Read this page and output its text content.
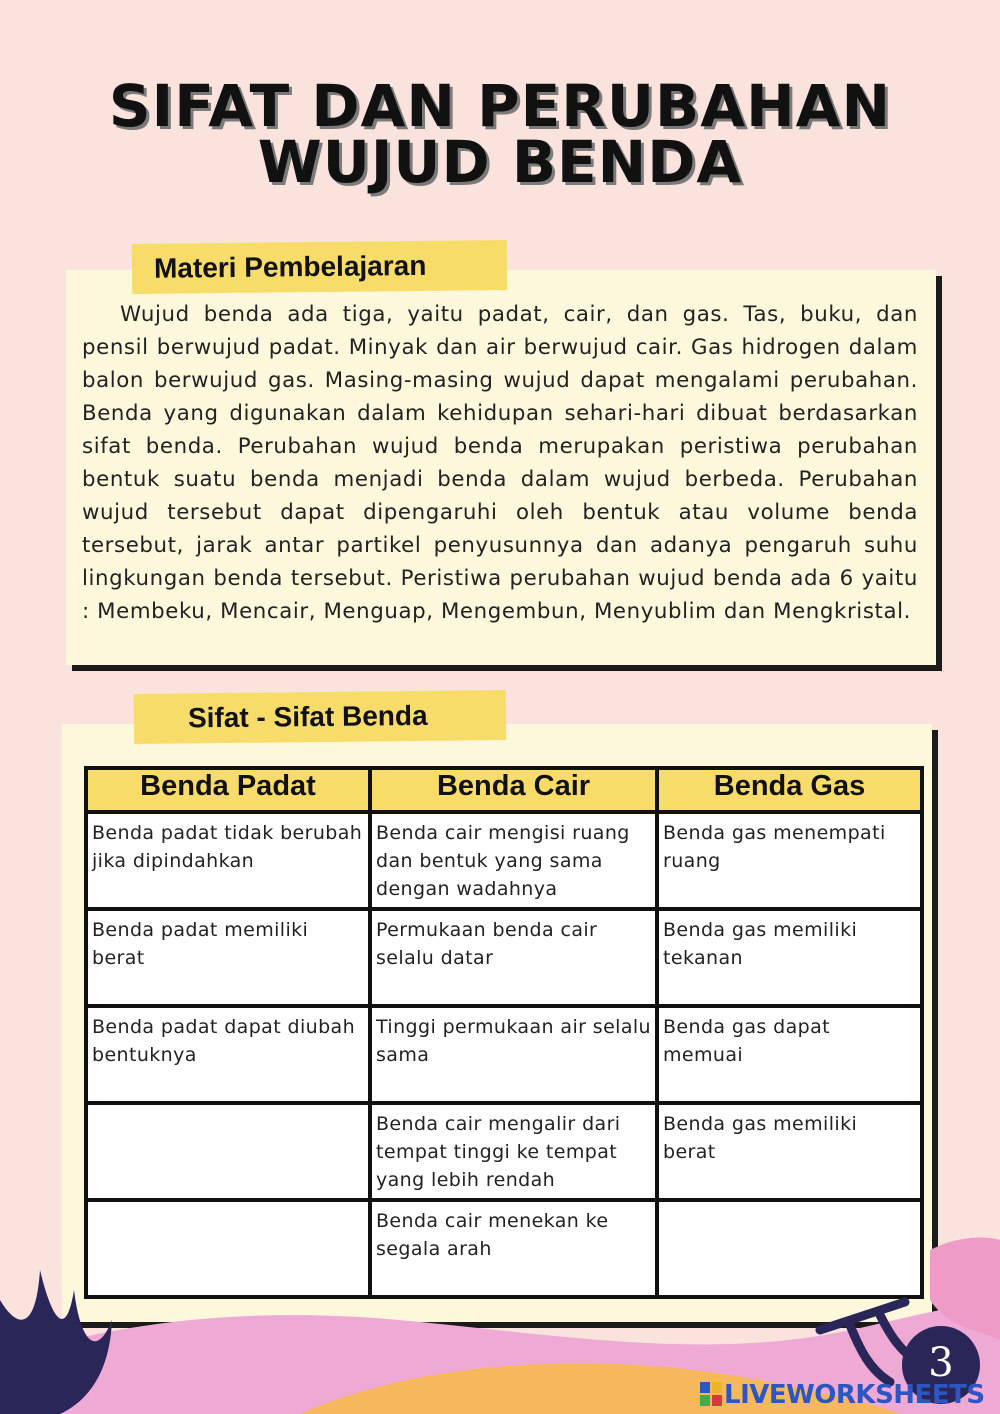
SIFAT DAN PERUBAHAN
WUJUD BENDA
Materi Pembelajaran

Wujud benda ada tiga, yaitu padat, cair, dan gas. Tas, buku, dan pensil berwujud padat. Minyak dan air berwujud cair. Gas hidrogen dalam balon berwujud gas. Masing-masing wujud dapat mengalami perubahan. Benda yang digunakan dalam kehidupan sehari-hari dibuat berdasarkan sifat benda. Perubahan wujud benda merupakan peristiwa perubahan bentuk suatu benda menjadi benda dalam wujud berbeda. Perubahan wujud tersebut dapat dipengaruhi oleh bentuk atau volume benda tersebut, jarak antar partikel penyusunnya dan adanya pengaruh suhu lingkungan benda tersebut. Peristiwa perubahan wujud benda ada 6 yaitu : Membeku, Mencair, Menguap, Mengembun, Menyublim dan Mengkristal.

Sifat - Sifat Benda
Benda Padat	Benda Cair	Benda Gas
Benda padat tidak berubah jika dipindahkan	Benda cair mengisi ruang dan bentuk yang sama dengan wadahnya	Benda gas menempati ruang
Benda padat memiliki berat	Permukaan benda cair selalu datar	Benda gas memiliki tekanan
Benda padat dapat diubah bentuknya	Tinggi permukaan air selalu sama	Benda gas dapat memuai
	Benda cair mengalir dari tempat tinggi ke tempat yang lebih rendah	Benda gas memiliki berat
	Benda cair menekan ke segala arah	
3
LIVEWORKSHEETS
